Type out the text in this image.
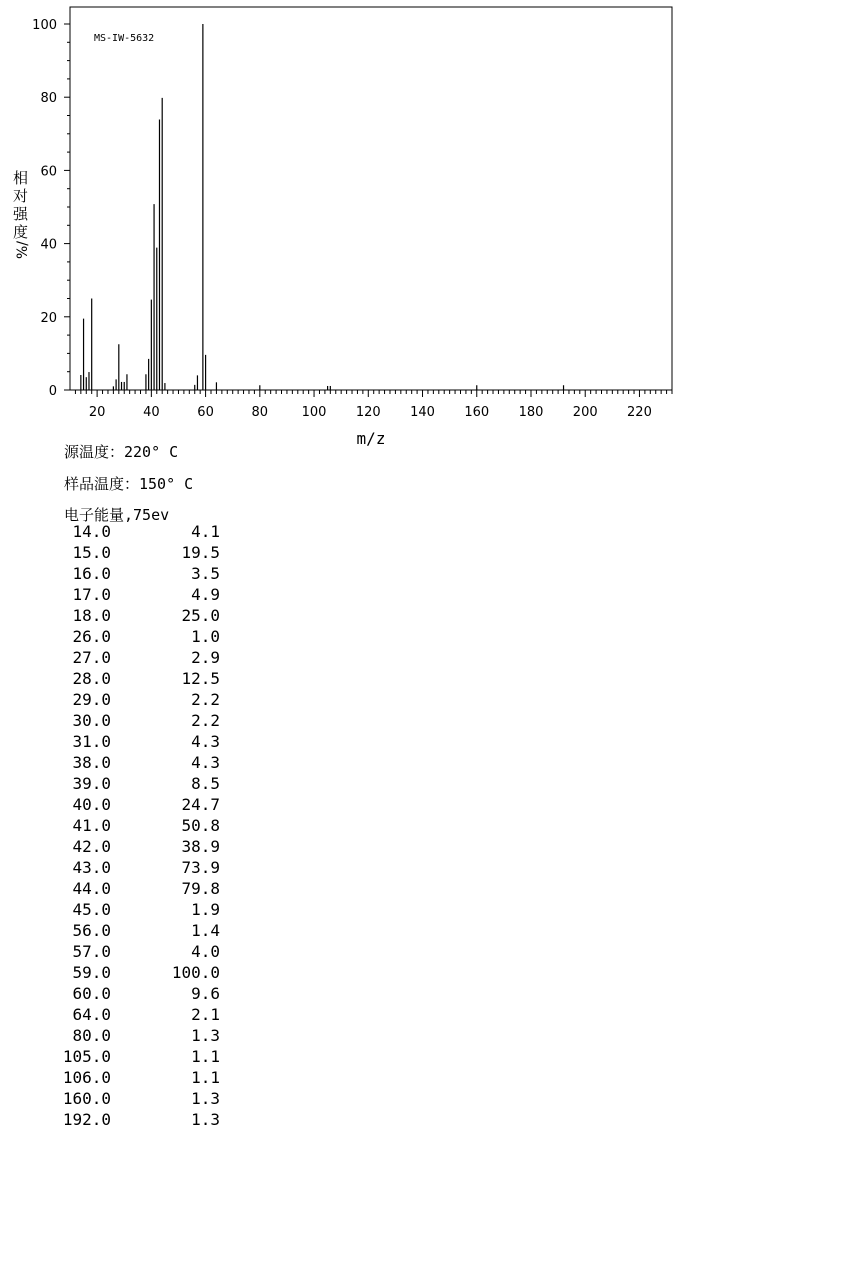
MS-IW-5632
0
20
40
60
80
100
20	40	60	80	100 120 140 160 180 200 220
m/z
相
对
强
度
%/
源温度：220° C
样品温度：150° C
电子能量,75ev
14.0	4.1
15.0	19.5
16.0	3.5
17.0	4.9
18.0	25.0
26.0	1.0
27.0	2.9
28.0	12.5
29.0	2.2
30.0	2.2
31.0	4.3
38.0	4.3
39.0	8.5
40.0	24.7
41.0	50.8
42.0	38.9
43.0	73.9
44.0	79.8
45.0	1.9
56.0	1.4
57.0	4.0
59.0	100.0
60.0	9.6
64.0	2.1
80.0	1.3
105.0	1.1
106.0	1.1
160.0	1.3
192.0	1.3
